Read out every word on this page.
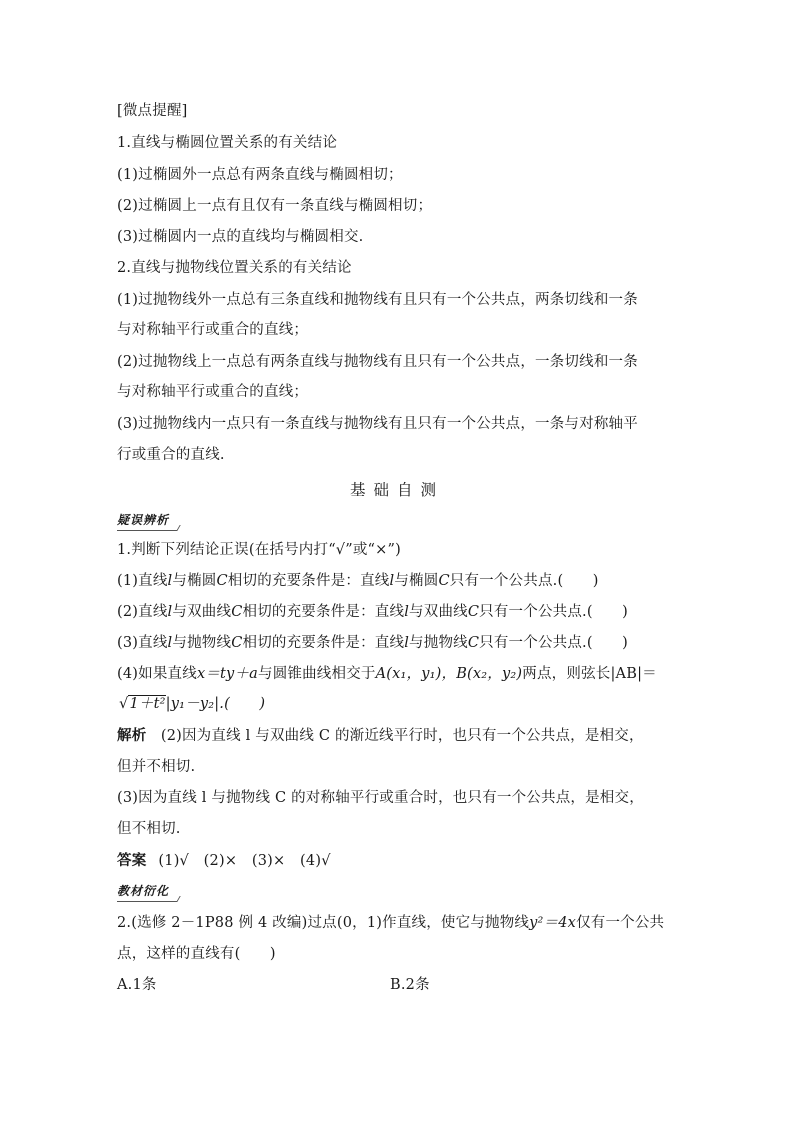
[微点提醒]
1.直线与椭圆位置关系的有关结论
(1)过椭圆外一点总有两条直线与椭圆相切；
(2)过椭圆上一点有且仅有一条直线与椭圆相切；
(3)过椭圆内一点的直线均与椭圆相交.
2.直线与抛物线位置关系的有关结论
(1)过抛物线外一点总有三条直线和抛物线有且只有一个公共点，两条切线和一条
与对称轴平行或重合的直线；
(2)过抛物线上一点总有两条直线与抛物线有且只有一个公共点，一条切线和一条
与对称轴平行或重合的直线；
(3)过抛物线内一点只有一条直线与抛物线有且只有一个公共点，一条与对称轴平
行或重合的直线.
基础自测
疑误辨析
1.判断下列结论正误(在括号内打“√”或“×”)
(1)直线l与椭圆C相切的充要条件是：直线l与椭圆C只有一个公共点.(　　)
(2)直线l与双曲线C相切的充要条件是：直线l与双曲线C只有一个公共点.(　　)
(3)直线l与抛物线C相切的充要条件是：直线l与抛物线C只有一个公共点.(　　)
(4)如果直线x＝ty＋a与圆锥曲线相交于A(x₁，y₁)，B(x₂，y₂)两点，则弦长|AB|＝
√1＋t²|y₁－y₂|.(　　)
解析 (2)因为直线 l 与双曲线 C 的渐近线平行时，也只有一个公共点，是相交，
但并不相切.
(3)因为直线 l 与抛物线 C 的对称轴平行或重合时，也只有一个公共点，是相交，
但不相切.
答案 (1)√　(2)×　(3)×　(4)√
教材衍化
2.(选修 2－1P88 例 4 改编)过点(0，1)作直线，使它与抛物线y²＝4x仅有一个公共
点，这样的直线有(　　)
A.1条	B.2条
